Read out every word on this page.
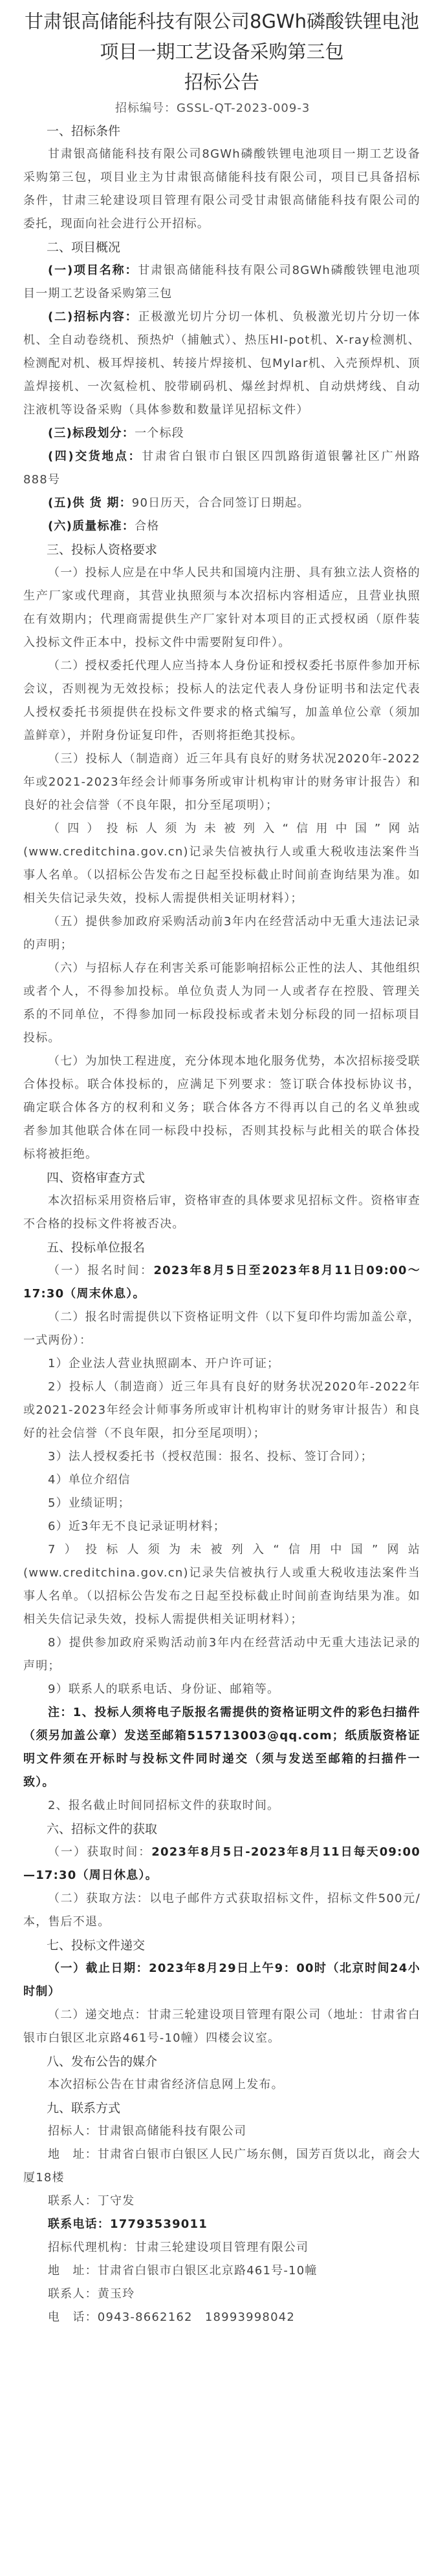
甘肃银高储能科技有限公司8GWh磷酸铁锂电池

项目一期工艺设备采购第三包

招标公告

招标编号：GSSL-QT-2023-009-3
一、招标条件
甘肃银高储能科技有限公司8GWh磷酸铁锂电池项目一期工艺设备采购第三包，项目业主为甘肃银高储能科技有限公司，项目已具备招标条件，甘肃三轮建设项目管理有限公司受甘肃银高储能科技有限公司的委托，现面向社会进行公开招标。
二、项目概况
(一)项目名称：甘肃银高储能科技有限公司8GWh磷酸铁锂电池项目一期工艺设备采购第三包
(二)招标内容：正极激光切片分切一体机、负极激光切片分切一体机、全自动卷绕机、预热炉（捕触式）、热压HI-pot机、X-ray检测机、检测配对机、极耳焊接机、转接片焊接机、包Mylar机、入壳预焊机、顶盖焊接机、一次氦检机、胶带刷码机、爆丝封焊机、自动烘烤线、自动注液机等设备采购（具体参数和数量详见招标文件）
(三)标段划分：一个标段
(四)交货地点：甘肃省白银市白银区四凯路街道银馨社区广州路 888号
(五)供 货 期：90日历天，合合同签订日期起。
(六)质量标准：合格
三、投标人资格要求
（一）投标人应是在中华人民共和国境内注册、具有独立法人资格的生产厂家或代理商，其营业执照须与本次招标内容相适应，且营业执照在有效期内；代理商需提供生产厂家针对本项目的正式授权函（原件装入投标文件正本中，投标文件中需要附复印件）。
（二）授权委托代理人应当持本人身份证和授权委托书原件参加开标会议，否则视为无效投标；投标人的法定代表人身份证明书和法定代表人授权委托书须提供在投标文件要求的格式编写，加盖单位公章（须加盖鲜章），并附身份证复印件，否则将拒绝其投标。
（三）投标人（制造商）近三年具有良好的财务状况2020年-2022年或2021-2023年经会计师事务所或审计机构审计的财务审计报告）和良好的社会信誉（不良年限，扣分至尾项明）；
（四）投标人须为未被列入“信用中国”网站(www.creditchina.gov.cn)记录失信被执行人或重大税收违法案件当事人名单。（以招标公告发布之日起至投标截止时间前查询结果为准。如相关失信记录失效，投标人需提供相关证明材料）；
（五）提供参加政府采购活动前3年内在经营活动中无重大违法记录的声明；
（六）与招标人存在利害关系可能影响招标公正性的法人、其他组织或者个人，不得参加投标。单位负责人为同一人或者存在控股、管理关系的不同单位，不得参加同一标段投标或者未划分标段的同一招标项目投标。
（七）为加快工程进度，充分体现本地化服务优势，本次招标接受联合体投标。联合体投标的，应满足下列要求：签订联合体投标协议书，确定联合体各方的权利和义务；联合体各方不得再以自己的名义单独或者参加其他联合体在同一标段中投标，否则其投标与此相关的联合体投标将被拒绝。
四、资格审查方式
本次招标采用资格后审，资格审查的具体要求见招标文件。资格审查不合格的投标文件将被否决。
五、投标单位报名
（一）报名时间：2023年8月5日至2023年8月11日09:00～17:30（周末休息）。
（二）报名时需提供以下资格证明文件（以下复印件均需加盖公章，一式两份）：
1）企业法人营业执照副本、开户许可证；
2）投标人（制造商）近三年具有良好的财务状况2020年-2022年或2021-2023年经会计师事务所或审计机构审计的财务审计报告）和良好的社会信誉（不良年限，扣分至尾项明）；
3）法人授权委托书（授权范围：报名、投标、签订合同）；
4）单位介绍信
5）业绩证明；
6）近3年无不良记录证明材料；
7）投标人须为未被列入“信用中国”网站(www.creditchina.gov.cn)记录失信被执行人或重大税收违法案件当事人名单。（以招标公告发布之日起至投标截止时间前查询结果为准。如相关失信记录失效，投标人需提供相关证明材料）；
8）提供参加政府采购活动前3年内在经营活动中无重大违法记录的声明；
9）联系人的联系电话、身份证、邮箱等。
注：1、投标人须将电子版报名需提供的资格证明文件的彩色扫描件（须另加盖公章）发送至邮箱515713003@qq.com；纸质版资格证明文件须在开标时与投标文件同时递交（须与发送至邮箱的扫描件一致）。
2、报名截止时间同招标文件的获取时间。
六、招标文件的获取
（一）获取时间：2023年8月5日-2023年8月11日每天09:00—17:30（周日休息）。
（二）获取方法：以电子邮件方式获取招标文件，招标文件500元/本，售后不退。
七、投标文件递交
（一）截止日期：2023年8月29日上午9：00时（北京时间24小时制）
（二）递交地点：甘肃三轮建设项目管理有限公司（地址：甘肃省白银市白银区北京路461号-10幢）四楼会议室。
八、发布公告的媒介
本次招标公告在甘肃省经济信息网上发布。
九、联系方式
招标人：甘肃银高储能科技有限公司
地　址：甘肃省白银市白银区人民广场东侧，国芳百货以北，商会大厦18楼
联系人：丁守发
联系电话：17793539011
招标代理机构：甘肃三轮建设项目管理有限公司
地　址：甘肃省白银市白银区北京路461号-10幢
联系人：黄玉玲
电　话：0943-8662162　18993998042
